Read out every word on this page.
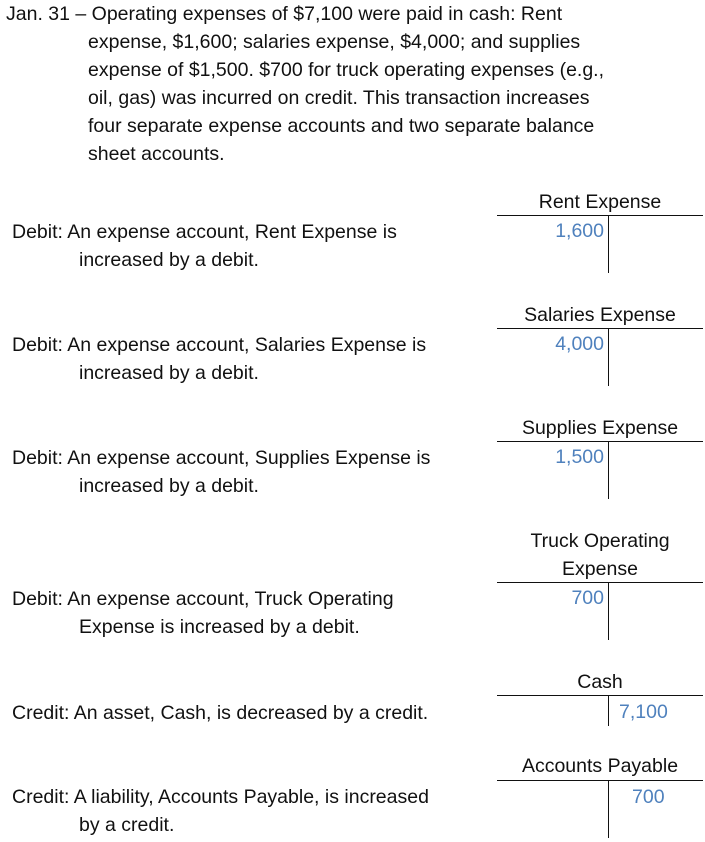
Jan. 31 – Operating expenses of $7,100 were paid in cash: Rent
expense, $1,600; salaries expense, $4,000; and supplies
expense of $1,500. $700 for truck operating expenses (e.g.,
oil, gas) was incurred on credit. This transaction increases
four separate expense accounts and two separate balance
sheet accounts.
Debit: An expense account, Rent Expense is
increased by a debit.
Rent Expense
1,600
Debit: An expense account, Salaries Expense is
increased by a debit.
Salaries Expense
4,000
Debit: An expense account, Supplies Expense is
increased by a debit.
Supplies Expense
1,500
Debit: An expense account, Truck Operating
Expense is increased by a debit.
Truck Operating
Expense
700
Credit: An asset, Cash, is decreased by a credit.
Cash
7,100
Credit: A liability, Accounts Payable, is increased
by a credit.
Accounts Payable
700
